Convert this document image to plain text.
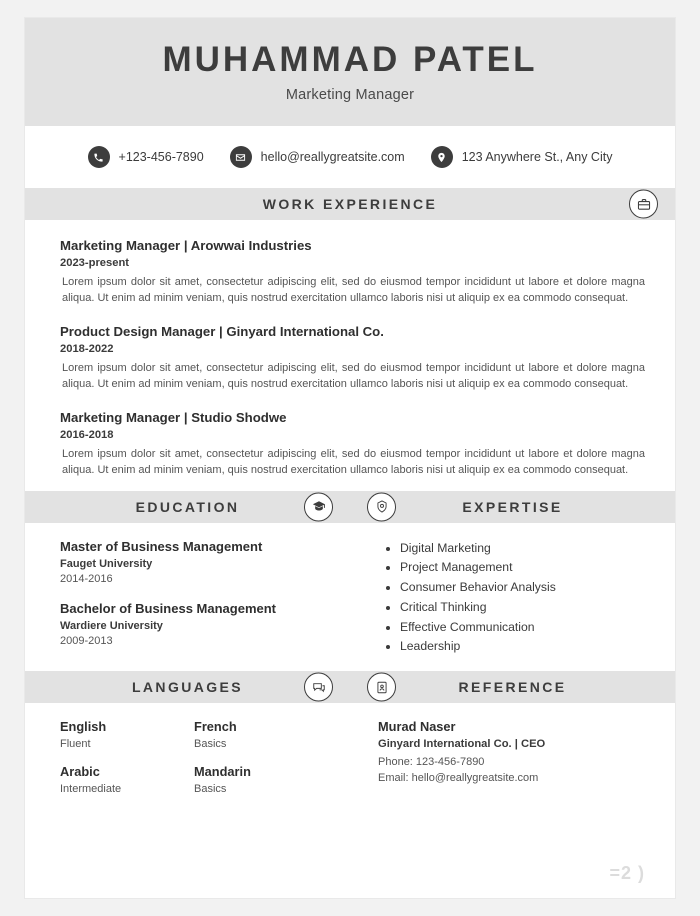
MUHAMMAD PATEL
Marketing Manager
+123-456-7890	hello@reallygreatsite.com	123 Anywhere St., Any City
WORK EXPERIENCE
Marketing Manager | Arowwai Industries
2023-present
Lorem ipsum dolor sit amet, consectetur adipiscing elit, sed do eiusmod tempor incididunt ut labore et dolore magna aliqua. Ut enim ad minim veniam, quis nostrud exercitation ullamco laboris nisi ut aliquip ex ea commodo consequat.
Product Design Manager | Ginyard International Co.
2018-2022
Lorem ipsum dolor sit amet, consectetur adipiscing elit, sed do eiusmod tempor incididunt ut labore et dolore magna aliqua. Ut enim ad minim veniam, quis nostrud exercitation ullamco laboris nisi ut aliquip ex ea commodo consequat.
Marketing Manager | Studio Shodwe
2016-2018
Lorem ipsum dolor sit amet, consectetur adipiscing elit, sed do eiusmod tempor incididunt ut labore et dolore magna aliqua. Ut enim ad minim veniam, quis nostrud exercitation ullamco laboris nisi ut aliquip ex ea commodo consequat.
EDUCATION
Master of Business Management
Fauget University
2014-2016
Bachelor of Business Management
Wardiere University
2009-2013
EXPERTISE
• Digital Marketing
• Project Management
• Consumer Behavior Analysis
• Critical Thinking
• Effective Communication
• Leadership
LANGUAGES
English
Fluent
French
Basics
Arabic
Intermediate
Mandarin
Basics
REFERENCE
Murad Naser
Ginyard International Co. | CEO
Phone: 123-456-7890
Email: hello@reallygreatsite.com
=2 )
